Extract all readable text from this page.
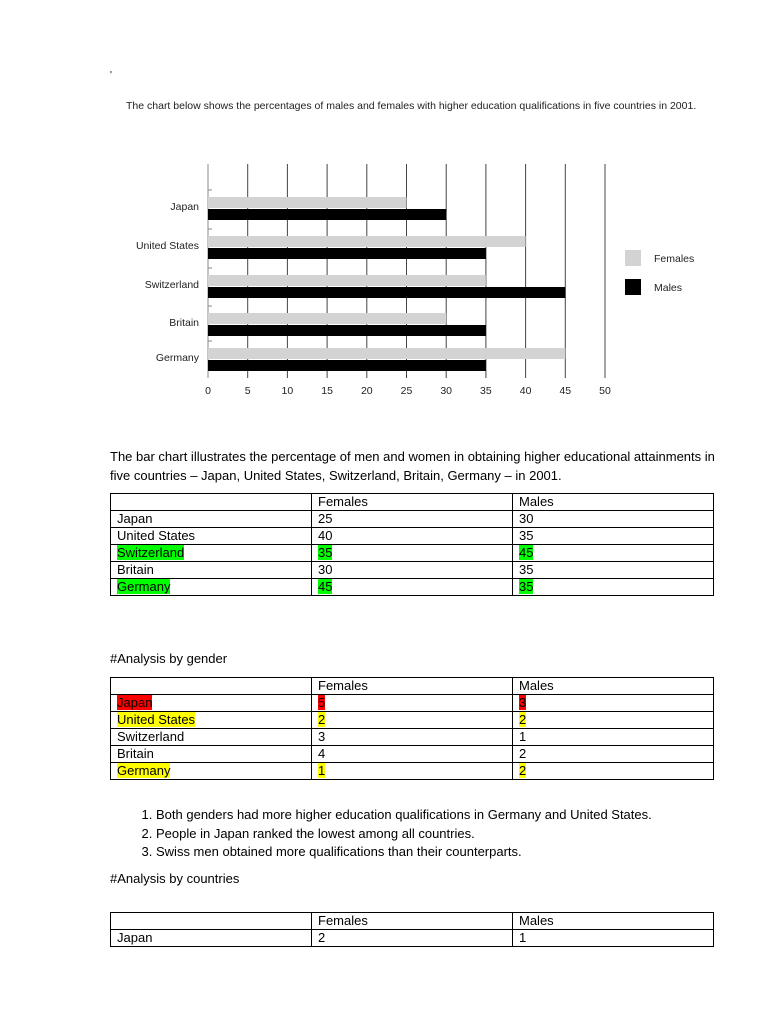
'
Japan
United States
Switzerland
Britain
Germany
0	5	10	15	20	25	30	35	40	45	50
Females
Males
The chart below shows the percentages of males and females with higher education qualifications in five countries in 2001.
The bar chart illustrates the percentage of men and women in obtaining higher educational attainments in five countries – Japan, United States, Switzerland, Britain, Germany – in 2001.
	Females	Males
Japan	25	30
United States	40	35
Switzerland	35	45
Britain	30	35
Germany	45	35
#Analysis by gender
	Females	Males
Japan	5	3
United States	2	2
Switzerland	3	1
Britain	4	2
Germany	1	2
1. Both genders had more higher education qualifications in Germany and United States.
2. People in Japan ranked the lowest among all countries.
3. Swiss men obtained more qualifications than their counterparts.
#Analysis by countries
	Females	Males
Japan	2	1
